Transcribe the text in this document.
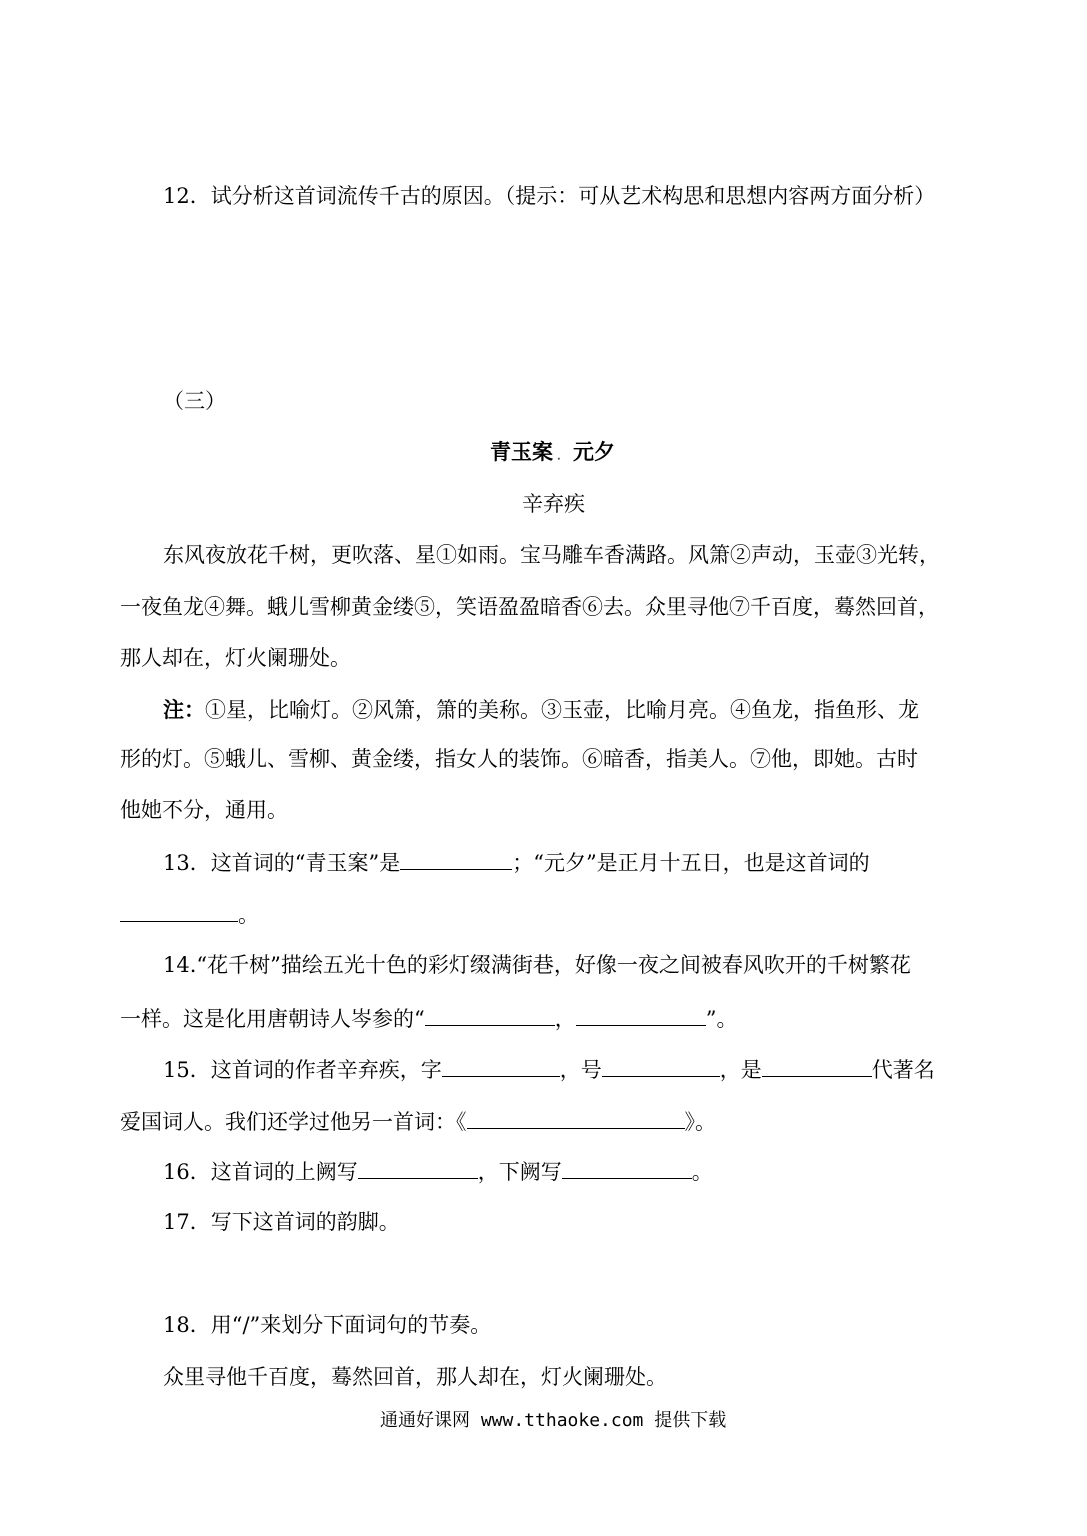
12．试分析这首词流传千古的原因。（提示：可从艺术构思和思想内容两方面分析）
（三）
青玉案 ． 元夕
辛弃疾
东风夜放花千树，更吹落、星①如雨。宝马雕车香满路。风箫②声动，玉壶③光转，
一夜鱼龙④舞。蛾儿雪柳黄金缕⑤，笑语盈盈暗香⑥去。众里寻他⑦千百度，蓦然回首，
那人却在，灯火阑珊处。
注：①星，比喻灯。②风箫，箫的美称。③玉壶，比喻月亮。④鱼龙，指鱼形、龙
形的灯。⑤蛾儿、雪柳、黄金缕，指女人的装饰。⑥暗香，指美人。⑦他，即她。古时
他她不分，通用。
13．这首词的“青玉案”是	；“元夕”是正月十五日，也是这首词的
。
14.“花千树”描绘五光十色的彩灯缀满街巷，好像一夜之间被春风吹开的千树繁花
一样。这是化用唐朝诗人岑参的“	，	”。
15．这首词的作者辛弃疾，字	，号	，是	代著名
爱国词人。我们还学过他另一首词：《	》。
16．这首词的上阙写	，下阙写	。
17．写下这首词的韵脚。
18．用“/”来划分下面词句的节奏。
众里寻他千百度，蓦然回首，那人却在，灯火阑珊处。
通通好课网 www.tthaoke.com 提供下载
